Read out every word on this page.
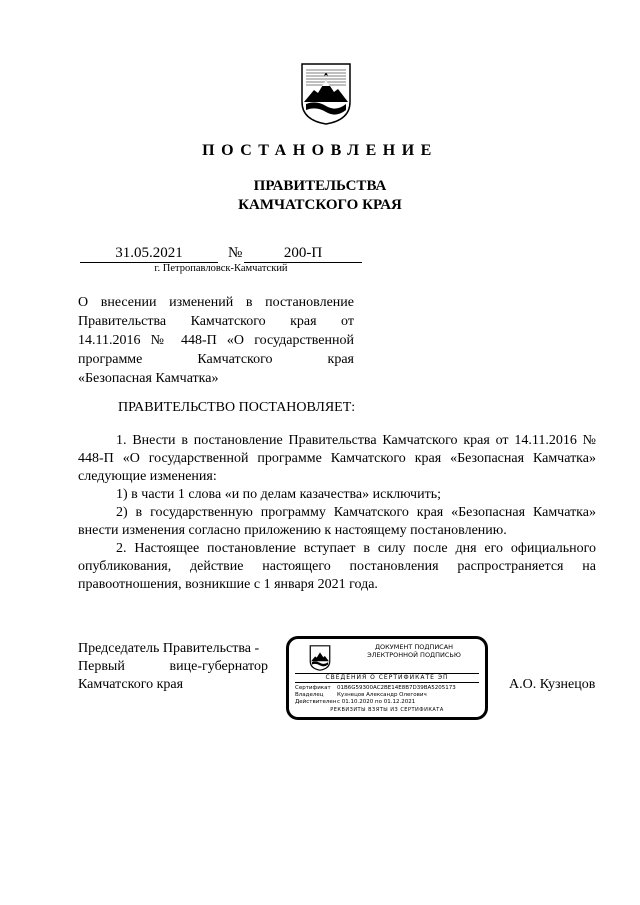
ПОСТАНОВЛЕНИЕ
ПРАВИТЕЛЬСТВА
КАМЧАТСКОГО КРАЯ
31.05.2021	№	200-П
г. Петропавловск-Камчатский
О внесении изменений в постановление
Правительства Камчатского края от
14.11.2016 № 448-П «О государственной
программе Камчатского края
«Безопасная Камчатка»
ПРАВИТЕЛЬСТВО ПОСТАНОВЛЯЕТ:

1. Внести в постановление Правительства Камчатского края от 14.11.2016 № 448-П «О государственной программе Камчатского края «Безопасная Камчатка» следующие изменения:

1) в части 1 слова «и по делам казачества» исключить;

2) в государственную программу Камчатского края «Безопасная Камчатка» внести изменения согласно приложению к настоящему постановлению.

2. Настоящее постановление вступает в силу после дня его официального опубликования, действие настоящего постановления распространяется на правоотношения, возникшие с 1 января 2021 года.

Председатель Правительства -
Первый вице-губернатор
Камчатского края
ДОКУМЕНТ ПОДПИСАН
ЭЛЕКТРОННОЙ ПОДПИСЬЮ
СВЕДЕНИЯ О СЕРТИФИКАТЕ ЭП
Сертификат 01B6G59300AC2BE14E8B7D39BA5205173
Владелец Кузнецов Александр Олегович
Действителенс 01.10.2020 по 01.12.2021
РЕКВИЗИТЫ ВЗЯТЫ ИЗ СЕРТИФИКАТА
А.О. Кузнецов
